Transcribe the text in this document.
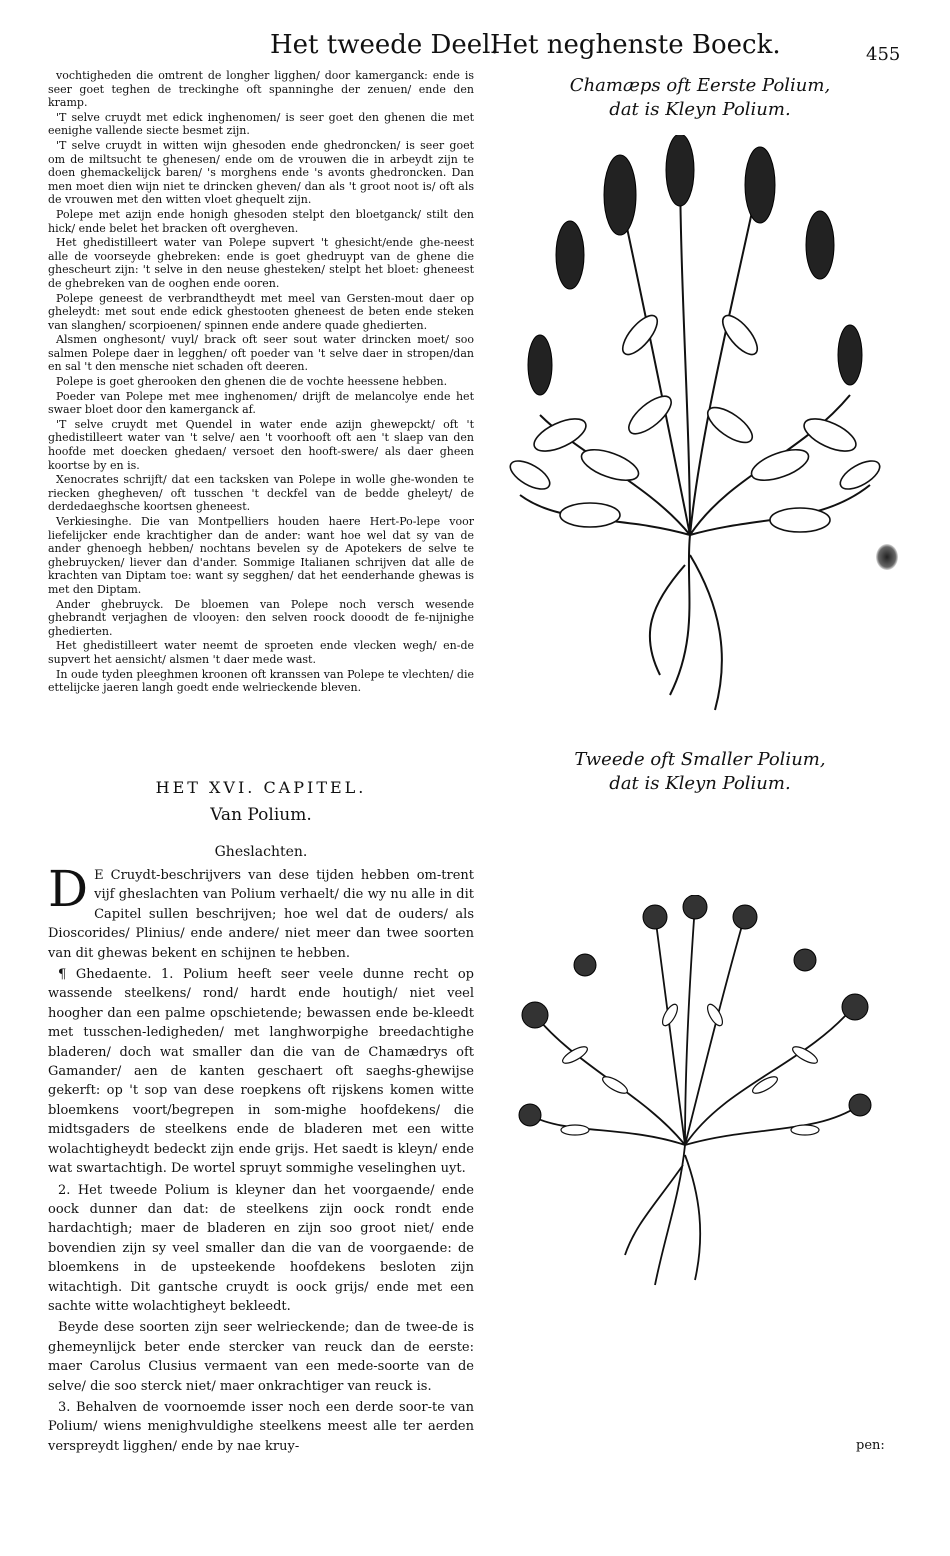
Het tweede Deel.
Het neghenste Boeck.	455

vochtigheden die omtrent de longher ligghen/ door kamerganck: ende is seer goet teghen de treckinghe oft spanninghe der zenuen/ ende den kramp.

'T selve cruydt met edick inghenomen/ is seer goet den ghenen die met eenighe vallende siecte besmet zijn.

'T selve cruydt in witten wijn ghesoden ende ghedroncken/ is seer goet om de miltsucht te ghenesen/ ende om de vrouwen die in arbeydt zijn te doen ghemackelijck baren/ 's morghens ende 's avonts ghedroncken. Dan men moet dien wijn niet te drincken gheven/ dan als 't groot noot is/ oft als de vrouwen met den witten vloet ghequelt zijn.

Polepe met azijn ende honigh ghesoden stelpt den bloetganck/ stilt den hick/ ende belet het bracken oft overgheven.

Het ghedistilleert water van Polepe supvert 't ghesicht/ende ghe-neest alle de voorseyde ghebreken: ende is goet ghedruypt van de ghene die ghescheurt zijn: 't selve in den neuse ghesteken/ stelpt het bloet: gheneest de ghebreken van de ooghen ende ooren.

Polepe geneest de verbrandtheydt met meel van Gersten-mout daer op gheleydt: met sout ende edick ghestooten gheneest de beten ende steken van slanghen/ scorpioenen/ spinnen ende andere quade ghedierten.

Alsmen onghesont/ vuyl/ brack oft seer sout water drincken moet/ soo salmen Polepe daer in legghen/ oft poeder van 't selve daer in stropen/dan en sal 't den mensche niet schaden oft deeren.

Polepe is goet gherooken den ghenen die de vochte heessene hebben.

Poeder van Polepe met mee inghenomen/ drijft de melancolye ende het swaer bloet door den kamerganck af.

'T selve cruydt met Quendel in water ende azijn ghewepckt/ oft 't ghedistilleert water van 't selve/ aen 't voorhooft oft aen 't slaep van den hoofde met doecken ghedaen/ versoet den hooft-swere/ als daer gheen koortse by en is.

Xenocrates schrijft/ dat een tacksken van Polepe in wolle ghe-wonden te riecken ghegheven/ oft tusschen 't deckfel van de bedde gheleyt/ de derdedaeghsche koortsen gheneest.

Verkiesinghe. Die van Montpelliers houden haere Hert-Po-lepe voor liefelijcker ende krachtigher dan de ander: want hoe wel dat sy van de ander ghenoegh hebben/ nochtans bevelen sy de Apotekers de selve te ghebruycken/ liever dan d'ander. Sommige Italianen schrijven dat alle de krachten van Diptam toe: want sy segghen/ dat het eenderhande ghewas is met den Diptam.

Ander ghebruyck. De bloemen van Polepe noch versch wesende ghebrandt verjaghen de vlooyen: den selven roock dooodt de fe-nijnighe ghedierten.

Het ghedistilleert water neemt de sproeten ende vlecken wegh/ en-de supvert het aensicht/ alsmen 't daer mede wast.

In oude tyden pleeghmen kroonen oft kranssen van Polepe te vlechten/ die ettelijcke jaeren langh goedt ende welrieckende bleven.

HET XVI. CAPITEL.
Van Polium.
Gheslachten.

D E Cruydt-beschrijvers van dese tijden hebben om-trent vijf gheslachten van Polium verhaelt/ die wy nu alle in dit Capitel sullen beschrijven; hoe wel dat de ouders/ als Dioscorides/ Plinius/ ende andere/ niet meer dan twee soorten van dit ghewas bekent en schijnen te hebben.

¶ Ghedaente. 1. Polium heeft seer veele dunne recht op wassende steelkens/ rond/ hardt ende houtigh/ niet veel hoogher dan een palme opschietende; bewassen ende be-kleedt met tusschen-ledigheden/ met langhworpighe breedachtighe bladeren/ doch wat smaller dan die van de Chamædrys oft Gamander/ aen de kanten geschaert oft saeghs-ghewijse gekerft: op 't sop van dese roepkens oft rijskens komen witte bloemkens voort/begrepen in som-mighe hoofdekens/ die midtsgaders de steelkens ende de bladeren met een witte wolachtigheydt bedeckt zijn ende grijs. Het saedt is kleyn/ ende wat swartachtigh. De wortel spruyt sommighe veselinghen uyt.

2. Het tweede Polium is kleyner dan het voorgaende/ ende oock dunner dan dat: de steelkens zijn oock rondt ende hardachtigh; maer de bladeren en zijn soo groot niet/ ende bovendien zijn sy veel smaller dan die van de voorgaende: de bloemkens in de upsteekende hoofdekens besloten zijn witachtigh. Dit gantsche cruydt is oock grijs/ ende met een sachte witte wolachtigheyt bekleedt.

Beyde dese soorten zijn seer welrieckende; dan de twee-de is ghemeynlijck beter ende stercker van reuck dan de eerste: maer Carolus Clusius vermaent van een mede-soorte van de selve/ die soo sterck niet/ maer onkrachtiger van reuck is.

3. Behalven de voornoemde isser noch een derde soor-te van Polium/ wiens menighvuldighe steelkens meest alle ter aerden verspreydt ligghen/ ende by nae kruy-

Chamæps oft Eerste Polium,
dat is Kleyn Polium.
Tweede oft Smaller Polium,
dat is Kleyn Polium.
pen:
